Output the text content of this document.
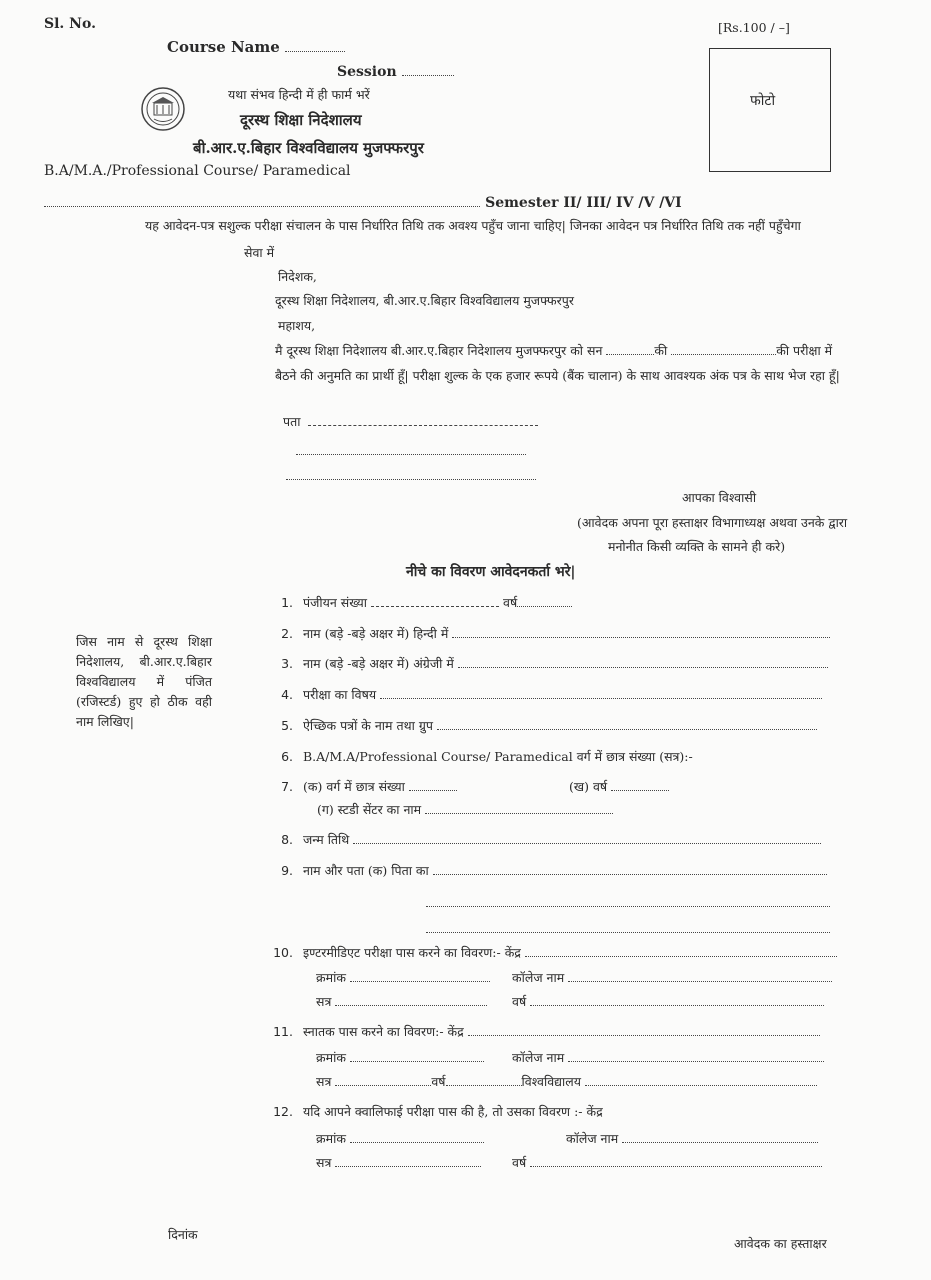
Sl. No.	[Rs.100 / –]
Course Name
Session
यथा संभव हिन्दी में ही फार्म भरें
दूरस्थ शिक्षा निदेशालय
बी.आर.ए.बिहार विश्वविद्यालय मुजफ्फरपुर
B.A/M.A./Professional Course/ Paramedical
Semester II/ III/ IV /V /VI
फोटो
यह आवेदन-पत्र सशुल्क परीक्षा संचालन के पास निर्धारित तिथि तक अवश्य पहुँच जाना चाहिए| जिनका आवेदन पत्र निर्धारित तिथि तक नहीं पहुँचेगा
सेवा में
निदेशक,
दूरस्थ शिक्षा निदेशालय, बी.आर.ए.बिहार विश्वविद्यालय मुजफ्फरपुर
महाशय,
मै दूरस्थ शिक्षा निदेशालय बी.आर.ए.बिहार निदेशालय मुजफ्फरपुर को सन	की	की परीक्षा में
बैठने की अनुमति का प्रार्थी हूँ| परीक्षा शुल्क के एक हजार रूपये (बैंक चालान) के साथ आवश्यक अंक पत्र के साथ भेज रहा हूँ|
पता
आपका विश्वासी
(आवेदक अपना पूरा हस्ताक्षर विभागाध्यक्ष अथवा उनके द्वारा
मनोनीत किसी व्यक्ति के सामने ही करे)
नीचे का विवरण आवेदनकर्ता भरे|
जिस नाम से दूरस्थ शिक्षा निदेशालय, बी.आर.ए.बिहार विश्वविद्यालय में पंजित (रजिस्टर्ड) हुए हो ठीक वही नाम लिखिए|
1. पंजीयन संख्या	वर्ष
2. नाम (बड़े -बड़े अक्षर में) हिन्दी में
3. नाम (बड़े -बड़े अक्षर में) अंग्रेजी में
4. परीक्षा का विषय
5. ऐच्छिक पत्रों के नाम तथा ग्रुप
6. B.A/M.A/Professional Course/ Paramedical वर्ग में छात्र संख्या (सत्र):-
7. (क) वर्ग में छात्र संख्या	(ख) वर्ष
(ग) स्टडी सेंटर का नाम
8. जन्म तिथि
9. नाम और पता (क) पिता का
10. इण्टरमीडिएट परीक्षा पास करने का विवरण:- केंद्र
क्रमांक	कॉलेज नाम
सत्र	वर्ष
11. स्नातक पास करने का विवरण:- केंद्र
क्रमांक	कॉलेज नाम
सत्र	वर्ष	विश्वविद्यालय
12. यदि आपने क्वालिफाई परीक्षा पास की है, तो उसका विवरण :- केंद्र
क्रमांक	कॉलेज नाम
सत्र	वर्ष
दिनांक
आवेदक का हस्ताक्षर
